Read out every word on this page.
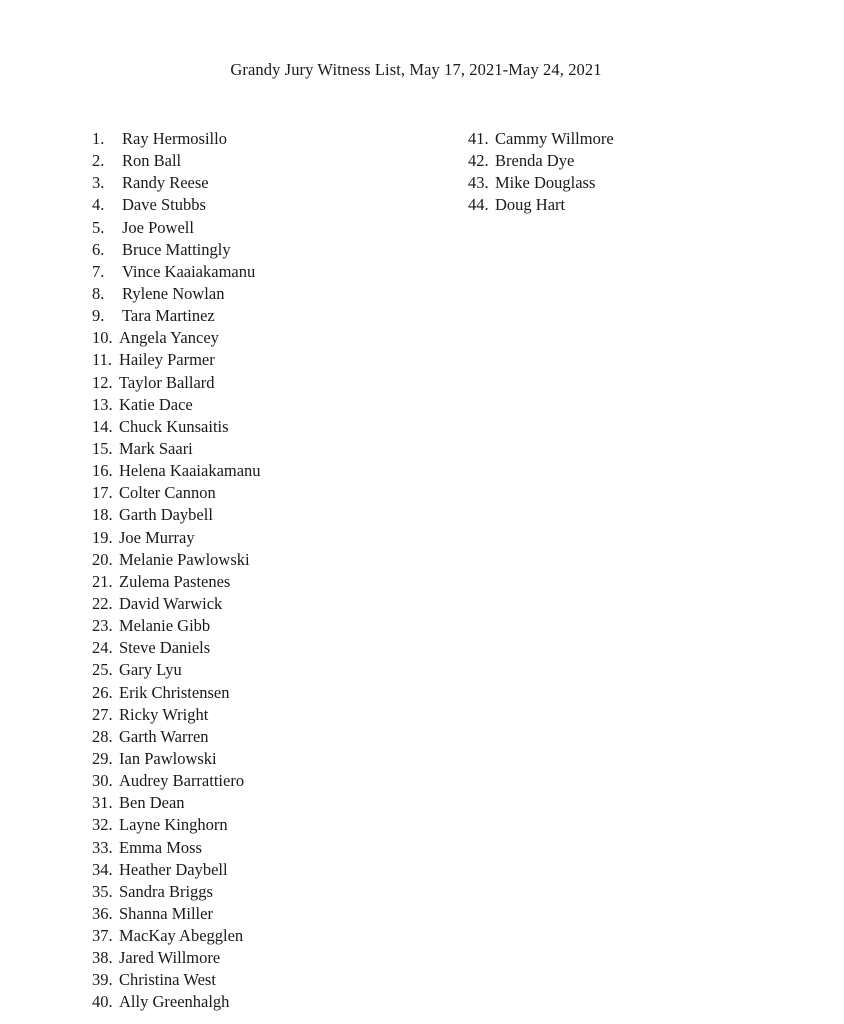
Grandy Jury Witness List, May 17, 2021-May 24, 2021
1. Ray Hermosillo
2. Ron Ball
3. Randy Reese
4. Dave Stubbs
5. Joe Powell
6. Bruce Mattingly
7. Vince Kaaiakamanu
8. Rylene Nowlan
9. Tara Martinez
10. Angela Yancey
11. Hailey Parmer
12. Taylor Ballard
13. Katie Dace
14. Chuck Kunsaitis
15. Mark Saari
16. Helena Kaaiakamanu
17. Colter Cannon
18. Garth Daybell
19. Joe Murray
20. Melanie Pawlowski
21. Zulema Pastenes
22. David Warwick
23. Melanie Gibb
24. Steve Daniels
25. Gary Lyu
26. Erik Christensen
27. Ricky Wright
28. Garth Warren
29. Ian Pawlowski
30. Audrey Barrattiero
31. Ben Dean
32. Layne Kinghorn
33. Emma Moss
34. Heather Daybell
35. Sandra Briggs
36. Shanna Miller
37. MacKay Abegglen
38. Jared Willmore
39. Christina West
40. Ally Greenhalgh
41. Cammy Willmore
42. Brenda Dye
43. Mike Douglass
44. Doug Hart
